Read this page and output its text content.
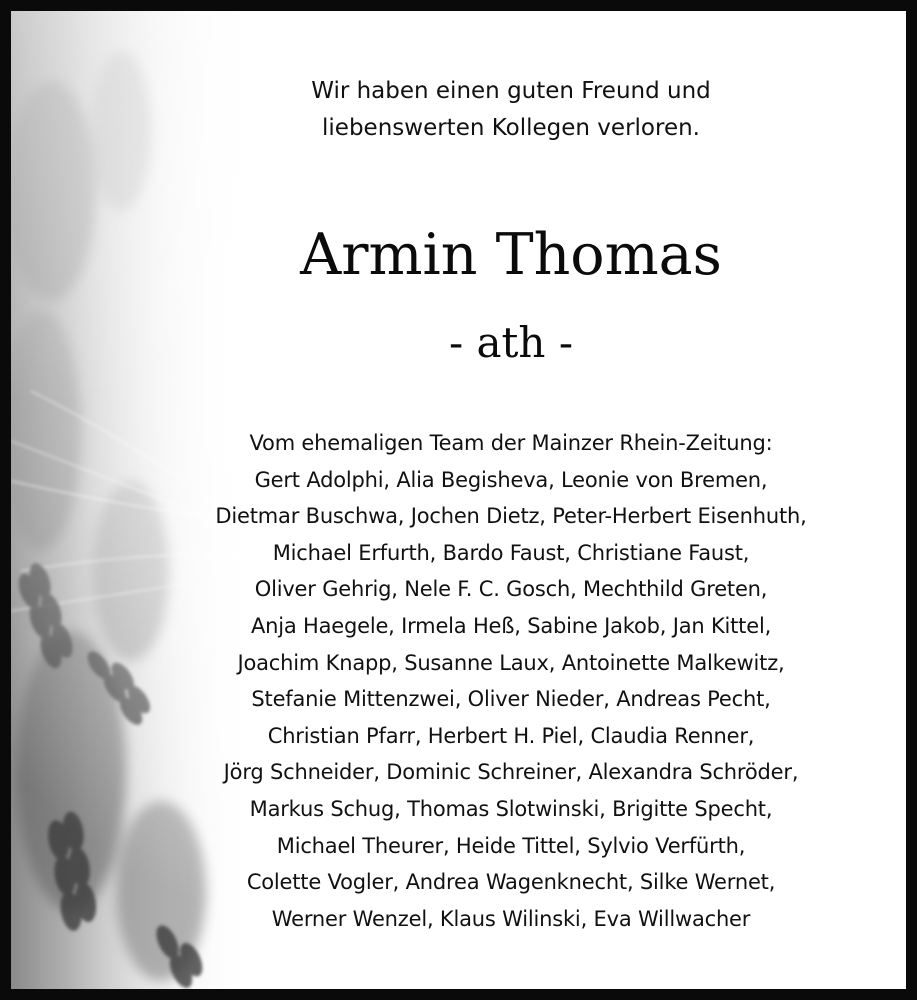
Wir haben einen guten Freund und
liebenswerten Kollegen verloren.
Armin Thomas
- ath -
Vom ehemaligen Team der Mainzer Rhein-Zeitung:
Gert Adolphi, Alia Begisheva, Leonie von Bremen,
Dietmar Buschwa, Jochen Dietz, Peter-Herbert Eisenhuth,
Michael Erfurth, Bardo Faust, Christiane Faust,
Oliver Gehrig, Nele F. C. Gosch, Mechthild Greten,
Anja Haegele, Irmela Heß, Sabine Jakob, Jan Kittel,
Joachim Knapp, Susanne Laux, Antoinette Malkewitz,
Stefanie Mittenzwei, Oliver Nieder, Andreas Pecht,
Christian Pfarr, Herbert H. Piel, Claudia Renner,
Jörg Schneider, Dominic Schreiner, Alexandra Schröder,
Markus Schug, Thomas Slotwinski, Brigitte Specht,
Michael Theurer, Heide Tittel, Sylvio Verfürth,
Colette Vogler, Andrea Wagenknecht, Silke Wernet,
Werner Wenzel, Klaus Wilinski, Eva Willwacher
